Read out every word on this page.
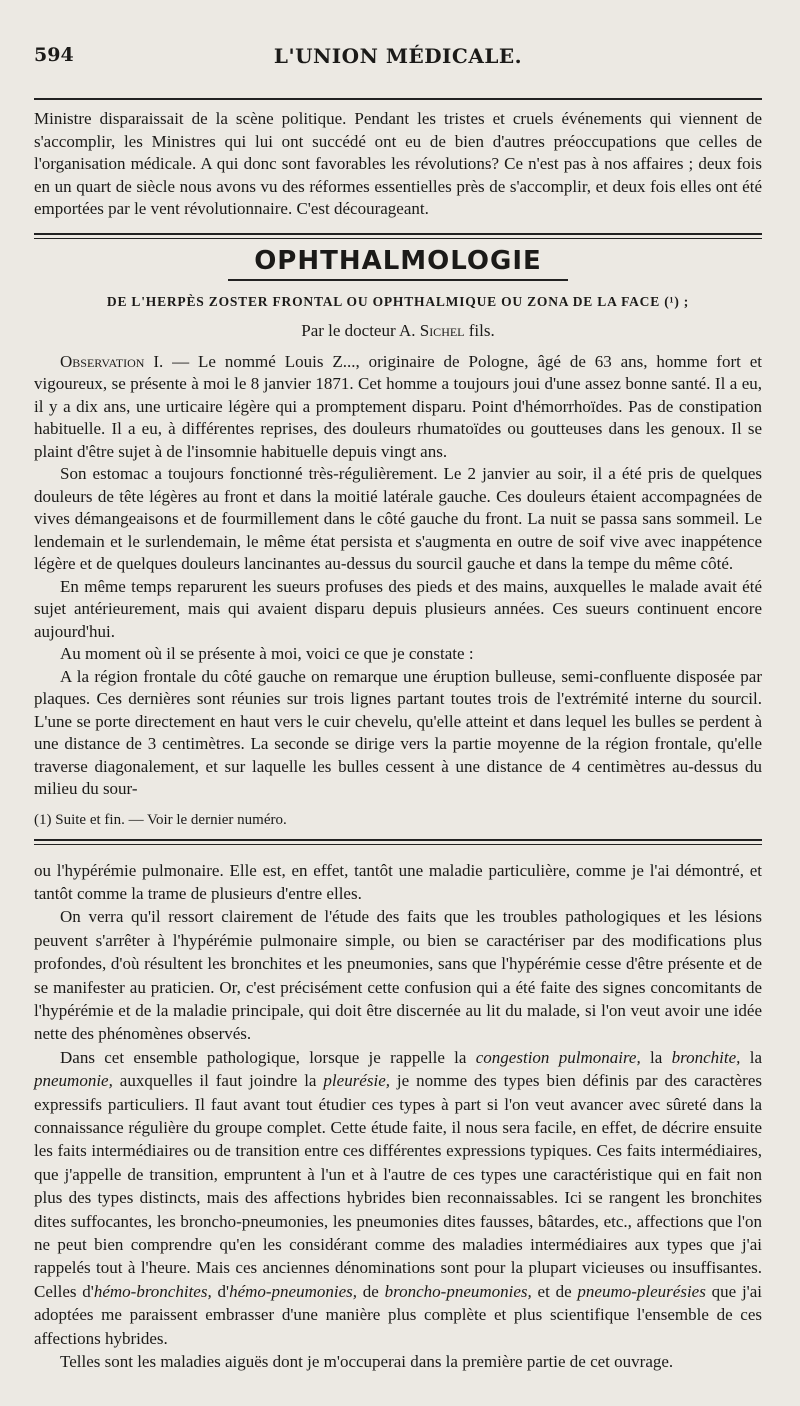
594	L'UNION MÉDICALE.

Ministre disparaissait de la scène politique. Pendant les tristes et cruels événements qui viennent de s'accomplir, les Ministres qui lui ont succédé ont eu de bien d'autres préoccupations que celles de l'organisation médicale. A qui donc sont favorables les révolutions? Ce n'est pas à nos affaires ; deux fois en un quart de siècle nous avons vu des réformes essentielles près de s'accomplir, et deux fois elles ont été emportées par le vent révolutionnaire. C'est décourageant.

OPHTHALMOLOGIE
DE L'HERPÈS ZOSTER FRONTAL OU OPHTHALMIQUE OU ZONA DE LA FACE (¹) ;
Par le docteur A. Sichel fils.

Observation I. — Le nommé Louis Z..., originaire de Pologne, âgé de 63 ans, homme fort et vigoureux, se présente à moi le 8 janvier 1871. Cet homme a toujours joui d'une assez bonne santé. Il a eu, il y a dix ans, une urticaire légère qui a promptement disparu. Point d'hémorrhoïdes. Pas de constipation habituelle. Il a eu, à différentes reprises, des douleurs rhumatoïdes ou goutteuses dans les genoux. Il se plaint d'être sujet à de l'insomnie habituelle depuis vingt ans.

Son estomac a toujours fonctionné très-régulièrement. Le 2 janvier au soir, il a été pris de quelques douleurs de tête légères au front et dans la moitié latérale gauche. Ces douleurs étaient accompagnées de vives démangeaisons et de fourmillement dans le côté gauche du front. La nuit se passa sans sommeil. Le lendemain et le surlendemain, le même état persista et s'augmenta en outre de soif vive avec inappétence légère et de quelques douleurs lancinantes au-dessus du sourcil gauche et dans la tempe du même côté.

En même temps reparurent les sueurs profuses des pieds et des mains, auxquelles le malade avait été sujet antérieurement, mais qui avaient disparu depuis plusieurs années. Ces sueurs continuent encore aujourd'hui.

Au moment où il se présente à moi, voici ce que je constate :

A la région frontale du côté gauche on remarque une éruption bulleuse, semi-confluente disposée par plaques. Ces dernières sont réunies sur trois lignes partant toutes trois de l'extrémité interne du sourcil. L'une se porte directement en haut vers le cuir chevelu, qu'elle atteint et dans lequel les bulles se perdent à une distance de 3 centimètres. La seconde se dirige vers la partie moyenne de la région frontale, qu'elle traverse diagonalement, et sur laquelle les bulles cessent à une distance de 4 centimètres au-dessus du milieu du sour-

(1) Suite et fin. — Voir le dernier numéro.

ou l'hypérémie pulmonaire. Elle est, en effet, tantôt une maladie particulière, comme je l'ai démontré, et tantôt comme la trame de plusieurs d'entre elles.

On verra qu'il ressort clairement de l'étude des faits que les troubles pathologiques et les lésions peuvent s'arrêter à l'hypérémie pulmonaire simple, ou bien se caractériser par des modifications plus profondes, d'où résultent les bronchites et les pneumonies, sans que l'hypérémie cesse d'être présente et de se manifester au praticien. Or, c'est précisément cette confusion qui a été faite des signes concomitants de l'hypérémie et de la maladie principale, qui doit être discernée au lit du malade, si l'on veut avoir une idée nette des phénomènes observés.

Dans cet ensemble pathologique, lorsque je rappelle la congestion pulmonaire, la bronchite, la pneumonie, auxquelles il faut joindre la pleurésie, je nomme des types bien définis par des caractères expressifs particuliers. Il faut avant tout étudier ces types à part si l'on veut avancer avec sûreté dans la connaissance régulière du groupe complet. Cette étude faite, il nous sera facile, en effet, de décrire ensuite les faits intermédiaires ou de transition entre ces différentes expressions typiques. Ces faits intermédiaires, que j'appelle de transition, empruntent à l'un et à l'autre de ces types une caractéristique qui en fait non plus des types distincts, mais des affections hybrides bien reconnaissables. Ici se rangent les bronchites dites suffocantes, les broncho-pneumonies, les pneumonies dites fausses, bâtardes, etc., affections que l'on ne peut bien comprendre qu'en les considérant comme des maladies intermédiaires aux types que j'ai rappelés tout à l'heure. Mais ces anciennes dénominations sont pour la plupart vicieuses ou insuffisantes. Celles d'hémo-bronchites, d'hémo-pneumonies, de broncho-pneumonies, et de pneumo-pleurésies que j'ai adoptées me paraissent embrasser d'une manière plus complète et plus scientifique l'ensemble de ces affections hybrides.

Telles sont les maladies aiguës dont je m'occuperai dans la première partie de cet ouvrage.
